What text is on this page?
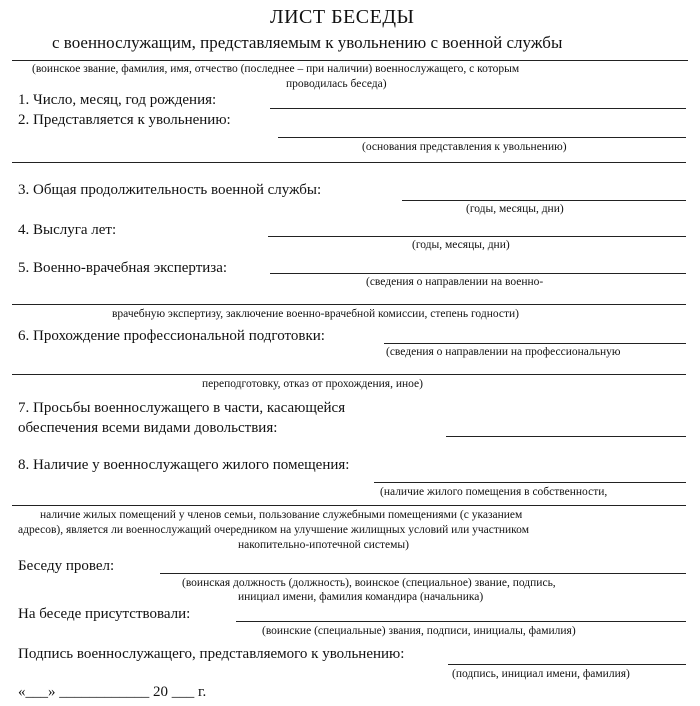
ЛИСТ БЕСЕДЫ
с военнослужащим, представляемым к увольнению с военной службы
(воинское звание, фамилия, имя, отчество (последнее – при наличии) военнослужащего, с которым
проводилась беседа)
1. Число, месяц, год рождения:
2. Представляется к увольнению:
(основания представления к увольнению)
3. Общая продолжительность военной службы:
(годы, месяцы, дни)
4. Выслуга лет:
(годы, месяцы, дни)
5. Военно-врачебная экспертиза:
(сведения о направлении на военно-
врачебную экспертизу, заключение военно-врачебной комиссии, степень годности)
6. Прохождение профессиональной подготовки:
(сведения о направлении на профессиональную
переподготовку, отказ от прохождения, иное)
7. Просьбы военнослужащего в части, касающейся
обеспечения всеми видами довольствия:
8. Наличие у военнослужащего жилого помещения:
(наличие жилого помещения в собственности,
наличие жилых помещений у членов семьи, пользование служебными помещениями (с указанием
адресов), является ли военнослужащий очередником на улучшение жилищных условий или участником
накопительно-ипотечной системы)
Беседу провел:
(воинская должность (должность), воинское (специальное) звание, подпись,
инициал имени, фамилия командира (начальника)
На беседе присутствовали:
(воинские (специальные) звания, подписи, инициалы, фамилия)
Подпись военнослужащего, представляемого к увольнению:
(подпись, инициал имени, фамилия)
«___» ____________ 20 ___ г.
